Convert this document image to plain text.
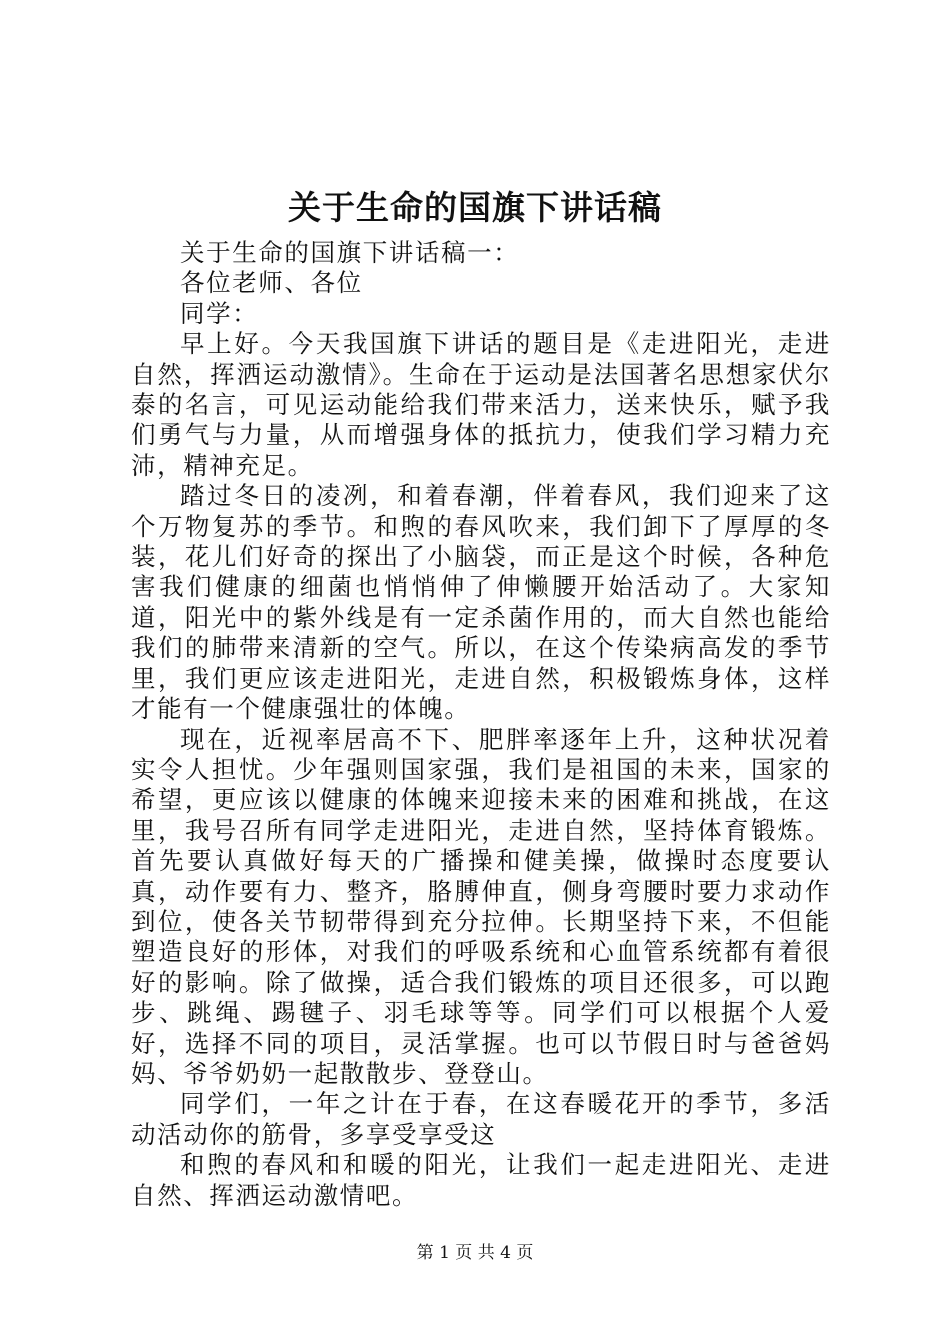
关于生命的国旗下讲话稿

关于生命的国旗下讲话稿一：

各位老师、各位

同学：

早上好。今天我国旗下讲话的题目是《走进阳光，走进自然，挥洒运动激情》。生命在于运动是法国著名思想家伏尔泰的名言，可见运动能给我们带来活力，送来快乐，赋予我们勇气与力量，从而增强身体的抵抗力，使我们学习精力充沛，精神充足。

踏过冬日的凌冽，和着春潮，伴着春风，我们迎来了这个万物复苏的季节。和煦的春风吹来，我们卸下了厚厚的冬装，花儿们好奇的探出了小脑袋，而正是这个时候，各种危害我们健康的细菌也悄悄伸了伸懒腰开始活动了。大家知道，阳光中的紫外线是有一定杀菌作用的，而大自然也能给我们的肺带来清新的空气。所以，在这个传染病高发的季节里，我们更应该走进阳光，走进自然，积极锻炼身体，这样才能有一个健康强壮的体魄。

现在，近视率居高不下、肥胖率逐年上升，这种状况着实令人担忧。少年强则国家强，我们是祖国的未来，国家的希望，更应该以健康的体魄来迎接未来的困难和挑战，在这里，我号召所有同学走进阳光，走进自然，坚持体育锻炼。首先要认真做好每天的广播操和健美操，做操时态度要认真，动作要有力、整齐，胳膊伸直，侧身弯腰时要力求动作到位，使各关节韧带得到充分拉伸。长期坚持下来，不但能塑造良好的形体，对我们的呼吸系统和心血管系统都有着很好的影响。除了做操，适合我们锻炼的项目还很多，可以跑步、跳绳、踢毽子、羽毛球等等。同学们可以根据个人爱好，选择不同的项目，灵活掌握。也可以节假日时与爸爸妈妈、爷爷奶奶一起散散步、登登山。

同学们，一年之计在于春，在这春暖花开的季节，多活动活动你的筋骨，多享受享受这

和煦的春风和和暖的阳光，让我们一起走进阳光、走进自然、挥洒运动激情吧。

第 1 页 共 4 页
